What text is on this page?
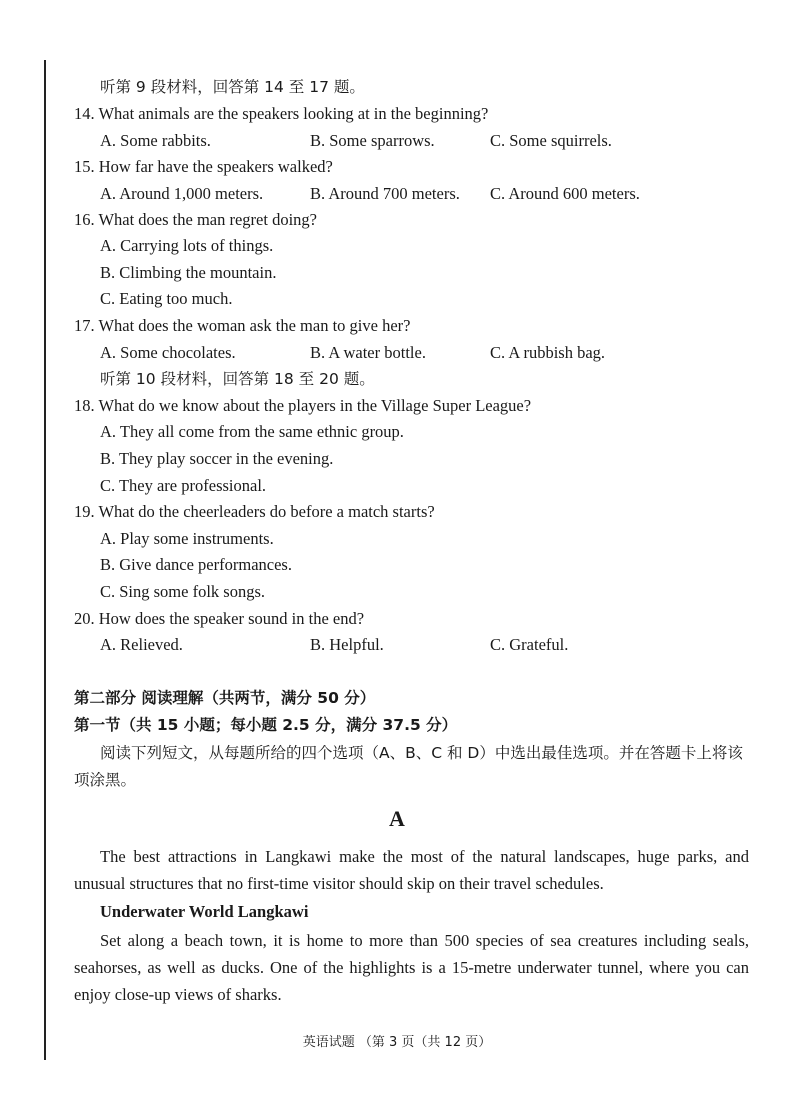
听第 9 段材料，回答第 14 至 17 题。
14. What animals are the speakers looking at in the beginning?
A. Some rabbits.	B. Some sparrows.	C. Some squirrels.
15. How far have the speakers walked?
A. Around 1,000 meters.	B. Around 700 meters. C. Around 600 meters.
16. What does the man regret doing?
A. Carrying lots of things.
B. Climbing the mountain.
C. Eating too much.
17. What does the woman ask the man to give her?
A. Some chocolates.	B. A water bottle.	C. A rubbish bag.
听第 10 段材料，回答第 18 至 20 题。
18. What do we know about the players in the Village Super League?
A. They all come from the same ethnic group.
B. They play soccer in the evening.
C. They are professional.
19. What do the cheerleaders do before a match starts?
A. Play some instruments.
B. Give dance performances.
C. Sing some folk songs.
20. How does the speaker sound in the end?
A. Relieved.	B. Helpful.	C. Grateful.
第二部分 阅读理解（共两节，满分 50 分）
第一节（共 15 小题；每小题 2.5 分，满分 37.5 分）
阅读下列短文，从每题所给的四个选项（A、B、C 和 D）中选出最佳选项。并在答题卡上将该项涂黑。
A
The best attractions in Langkawi make the most of the natural landscapes, huge parks, and unusual structures that no first-time visitor should skip on their travel schedules.
Underwater World Langkawi
Set along a beach town, it is home to more than 500 species of sea creatures including seals, seahorses, as well as ducks. One of the highlights is a 15-metre underwater tunnel, where you can enjoy close-up views of sharks.
英语试题 （第 3 页（共 12 页）
